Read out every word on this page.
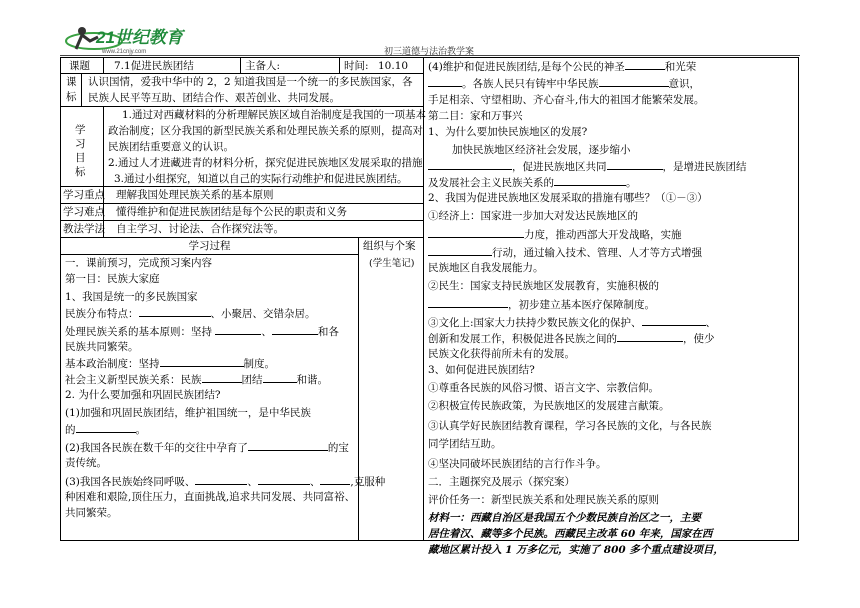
21世纪教育
www.21cnjy.com	初三道德与法治教学案
课题 7.1促进民族团结	主备人:	时间: 10.10
课标
认识国情，爱我中华中的 2，2 知道我国是一个统一的多民族国家，各
民族人民平等互助、团结合作、艰苦创业、共同发展。
学习目标
1.通过对西藏材料的分析理解民族区域自治制度是我国的一项基本
政治制度；区分我国的新型民族关系和处理民族关系的原则，提高对
民族团结重要意义的认识。
2.通过人才进藏进青的材料分析，探究促进民族地区发展采取的措施
3.通过小组探究，知道以自己的实际行动维护和促进民族团结。
学习重点 理解我国处理民族关系的基本原则
学习难点 懂得维护和促进民族团结是每个公民的职责和义务
教法学法 自主学习、讨论法、合作探究法等。
学习过程	组织与个案
(学生笔记)
一．课前预习，完成预习案内容
第一目：民族大家庭
1、我国是统一的多民族国家
民族分布特点：	、小聚居、交错杂居。
处理民族关系的基本原则：坚持	、	和各
民族共同繁荣。
基本政治制度：坚持	制度。
社会主义新型民族关系：民族	团结	和谐。
2. 为什么要加强和巩固民族团结?
(1)加强和巩固民族团结，维护祖国统一，是中华民族
的	。
(2)我国各民族在数千年的交往中孕育了	的宝
责传统。
(3)我国各民族始终同呼吸、	、	、	,克服种
种困难和艰险,顶住压力，直面挑战,追求共同发展、共同富裕、
共同繁荣。
(4)维护和促进民族团结,是每个公民的神圣	和光荣
。各族人民只有铸牢中华民族	意识，
手足相亲、守望相助、齐心奋斗,伟大的祖国才能繁荣发展。
第二目：家和万事兴
1、为什么要加快民族地区的发展?
加快民族地区经济社会发展，逐步缩小
，促进民族地区共同	，是增进民族团结
及发展社会主义民族关系的	。
2、我国为促进民族地区发展采取的措施有哪些？（①－③）
①经济上：国家进一步加大对发达民族地区的
力度，推动西部大开发战略，实施
行动，通过输入技术、管理、人才等方式增强
民族地区自我发展能力。
②民生：国家支持民族地区发展教育，实施积极的
，初步建立基本医疗保障制度。
③文化上:国家大力扶持少数民族文化的保护、	、
创新和发展工作，积极促进各民族之间的	，使少
民族文化获得前所未有的发展。
3、如何促进民族团结?
①尊重各民族的风俗习惯、语言文字、宗教信仰。
②积极宣传民族政策，为民族地区的发展建言献策。
③认真学好民族团结教育课程，学习各民族的文化，与各民族
同学团结互助。
④坚决同破坏民族团结的言行作斗争。
二．主题探究及展示（探究案）
评价任务一：新型民族关系和处理民族关系的原则
材料一：西藏自治区是我国五个少数民族自治区之一，主要
居住着汉、藏等多个民族。西藏民主改革 60 年来，国家在西
藏地区累计投入 1 万多亿元，实施了 800 多个重点建设项目，
